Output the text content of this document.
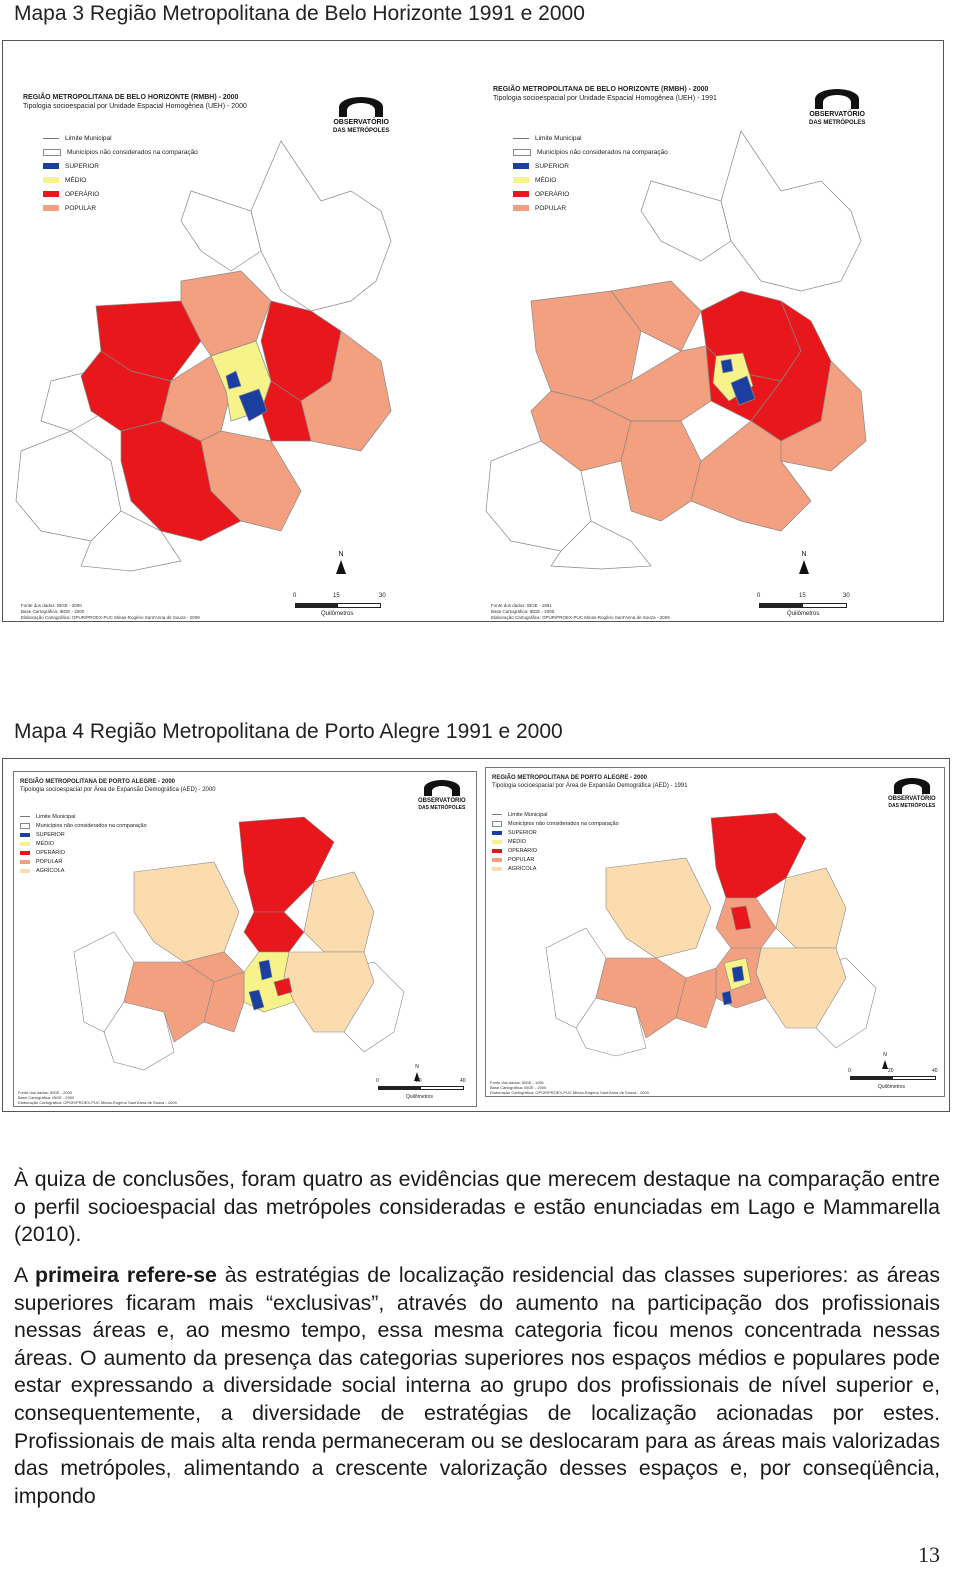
Mapa 3 Região Metropolitana de Belo Horizonte 1991 e 2000
REGIÃO METROPOLITANA DE BELO HORIZONTE (RMBH) - 2000
Tipologia socioespacial por Unidade Espacial Homogênea (UEH) - 2000
Limite Municipal
Municípios não considerados na comparação
SUPERIOR
MÉDIO
OPERÁRIO
POPULAR
OBSERVATÓRIO
DAS METRÓPOLES
N
Fonte dos dados: IBGE - 2000
Base Cartográfica: IBGE - 2000
Elaboração Cartográfica: OPUR/PROEX-PUC Minas-Rogério Sant'Anna de Souza - 2009
0	15	30
Quilômetros
REGIÃO METROPOLITANA DE BELO HORIZONTE (RMBH) - 2000
Tipologia socioespacial por Unidade Espacial Homogênea (UEH) - 1991
Limite Municipal
Municípios não considerados na comparação
SUPERIOR
MÉDIO
OPERÁRIO
POPULAR
OBSERVATÓRIO
DAS METRÓPOLES
N
Fonte dos dados: IBGE - 1991
Base Cartográfica: IBGE - 2000
Elaboração Cartográfica: OPUR/PROEX-PUC Minas-Rogério Sant'Anna de Souza - 2009
0	15	30
Quilômetros
Mapa 4 Região Metropolitana de Porto Alegre 1991 e 2000
REGIÃO METROPOLITANA DE PORTO ALEGRE - 2000
Tipologia socioespacial por Área de Expansão Demográfica (AED) - 2000
Limite Municipal
Municípios não considerados na comparação
SUPERIOR
MÉDIO
OPERÁRIO
POPULAR
AGRÍCOLA
OBSERVATÓRIO
DAS METRÓPOLES
N
Fonte dos dados: IBGE - 2000
Base Cartográfica: IBGE - 2000
Elaboração Cartográfica: OPUR/PROEX-PUC Minas-Rogério Sant'Anna de Souza - 2009
0	20	40
Quilômetros
REGIÃO METROPOLITANA DE PORTO ALEGRE - 2000
Tipologia socioespacial por Área de Expansão Demográfica (AED) - 1991
Limite Municipal
Municípios não considerados na comparação
SUPERIOR
MÉDIO
OPERÁRIO
POPULAR
AGRÍCOLA
OBSERVATÓRIO
DAS METRÓPOLES
N
Fonte dos dados: IBGE - 1991
Base Cartográfica: IBGE - 2000
Elaboração Cartográfica: OPUR/PROEX-PUC Minas-Rogério Sant'Anna de Souza - 2009
0	20	40
Quilômetros

À quiza de conclusões, foram quatro as evidências que merecem destaque na comparação entre o perfil socioespacial das metrópoles consideradas e estão enunciadas em Lago e Mammarella (2010).

A primeira refere-se às estratégias de localização residencial das classes superiores: as áreas superiores ficaram mais “exclusivas”, através do aumento na participação dos profissionais nessas áreas e, ao mesmo tempo, essa mesma categoria ficou menos concentrada nessas áreas. O aumento da presença das categorias superiores nos espaços médios e populares pode estar expressando a diversidade social interna ao grupo dos profissionais de nível superior e, consequentemente, a diversidade de estratégias de localização acionadas por estes. Profissionais de mais alta renda permaneceram ou se deslocaram para as áreas mais valorizadas das metrópoles, alimentando a crescente valorização desses espaços e, por conseqüência, impondo

13
